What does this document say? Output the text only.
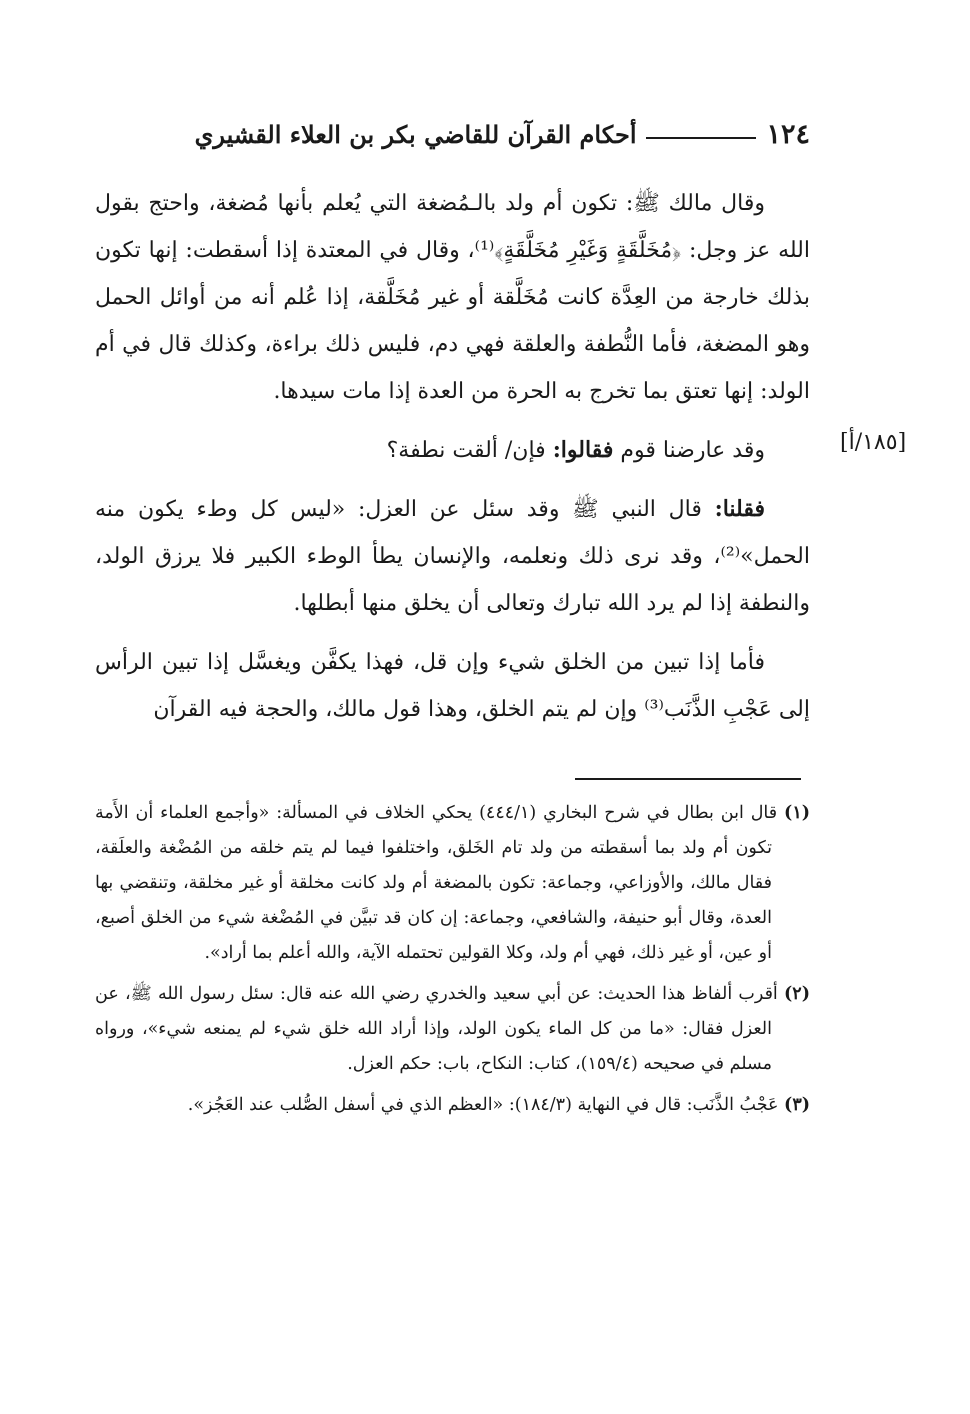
١٢٤
أحكام القرآن للقاضي بكر بن العلاء القشيري
[١٨٥/أ]

وقال مالك ﷺ: تكون أم ولد بالـمُضغة التي يُعلم بأنها مُضغة، واحتج بقول الله عز وجل: ﴿مُخَلَّقَةٍ وَغَيْرِ مُخَلَّقَةٍ﴾⁽¹⁾، وقال في المعتدة إذا أسقطت: إنها تكون بذلك خارجة من العِدَّة كانت مُخَلَّقة أو غير مُخَلَّقة، إذا عُلم أنه من أوائل الحمل وهو المضغة، فأما النُّطفة والعلقة فهي دم، فليس ذلك براءة، وكذلك قال في أم الولد: إنها تعتق بما تخرج به الحرة من العدة إذا مات سيدها.

وقد عارضنا قوم فقالوا: فإن/ ألقت نطفة؟

فقلنا: قال النبي ﷺ وقد سئل عن العزل: «ليس كل وطء يكون منه الحمل»⁽²⁾، وقد نرى ذلك ونعلمه، والإنسان يطأ الوطء الكبير فلا يرزق الولد، والنطفة إذا لم يرد الله تبارك وتعالى أن يخلق منها أبطلها.

فأما إذا تبين من الخلق شيء وإن قل، فهذا يكفَّن ويغسَّل إذا تبين الرأس إلى عَجْبِ الذَّنَب⁽³⁾ وإن لم يتم الخلق، وهذا قول مالك، والحجة فيه القرآن

(١) قال ابن بطال في شرح البخاري (٤٤٤/١) يحكي الخلاف في المسألة: «وأجمع العلماء أن الأَمة تكون أم ولد بما أسقطته من ولد تام الخَلق، واختلفوا فيما لم يتم خلقه من المُضْغة والعلَقة، فقال مالك، والأوزاعي، وجماعة: تكون بالمضغة أم ولد كانت مخلقة أو غير مخلقة، وتنقضي بها العدة، وقال أبو حنيفة، والشافعي، وجماعة: إن كان قد تبيَّن في المُضْغة شيء من الخلق أصبع، أو عين، أو غير ذلك، فهي أم ولد، وكلا القولين تحتمله الآية، والله أعلم بما أراد».

(٢) أقرب ألفاظ هذا الحديث: عن أبي سعيد والخدري رضي الله عنه قال: سئل رسول الله ﷺ، عن العزل فقال: «ما من كل الماء يكون الولد، وإذا أراد الله خلق شيء لم يمنعه شيء»، ورواه مسلم في صحيحه (١٥٩/٤)، كتاب: النكاح، باب: حكم العزل.

(٣) عَجْبُ الذَّنَب: قال في النهاية (١٨٤/٣): «العظم الذي في أسفل الصُّلب عند العَجُز».
